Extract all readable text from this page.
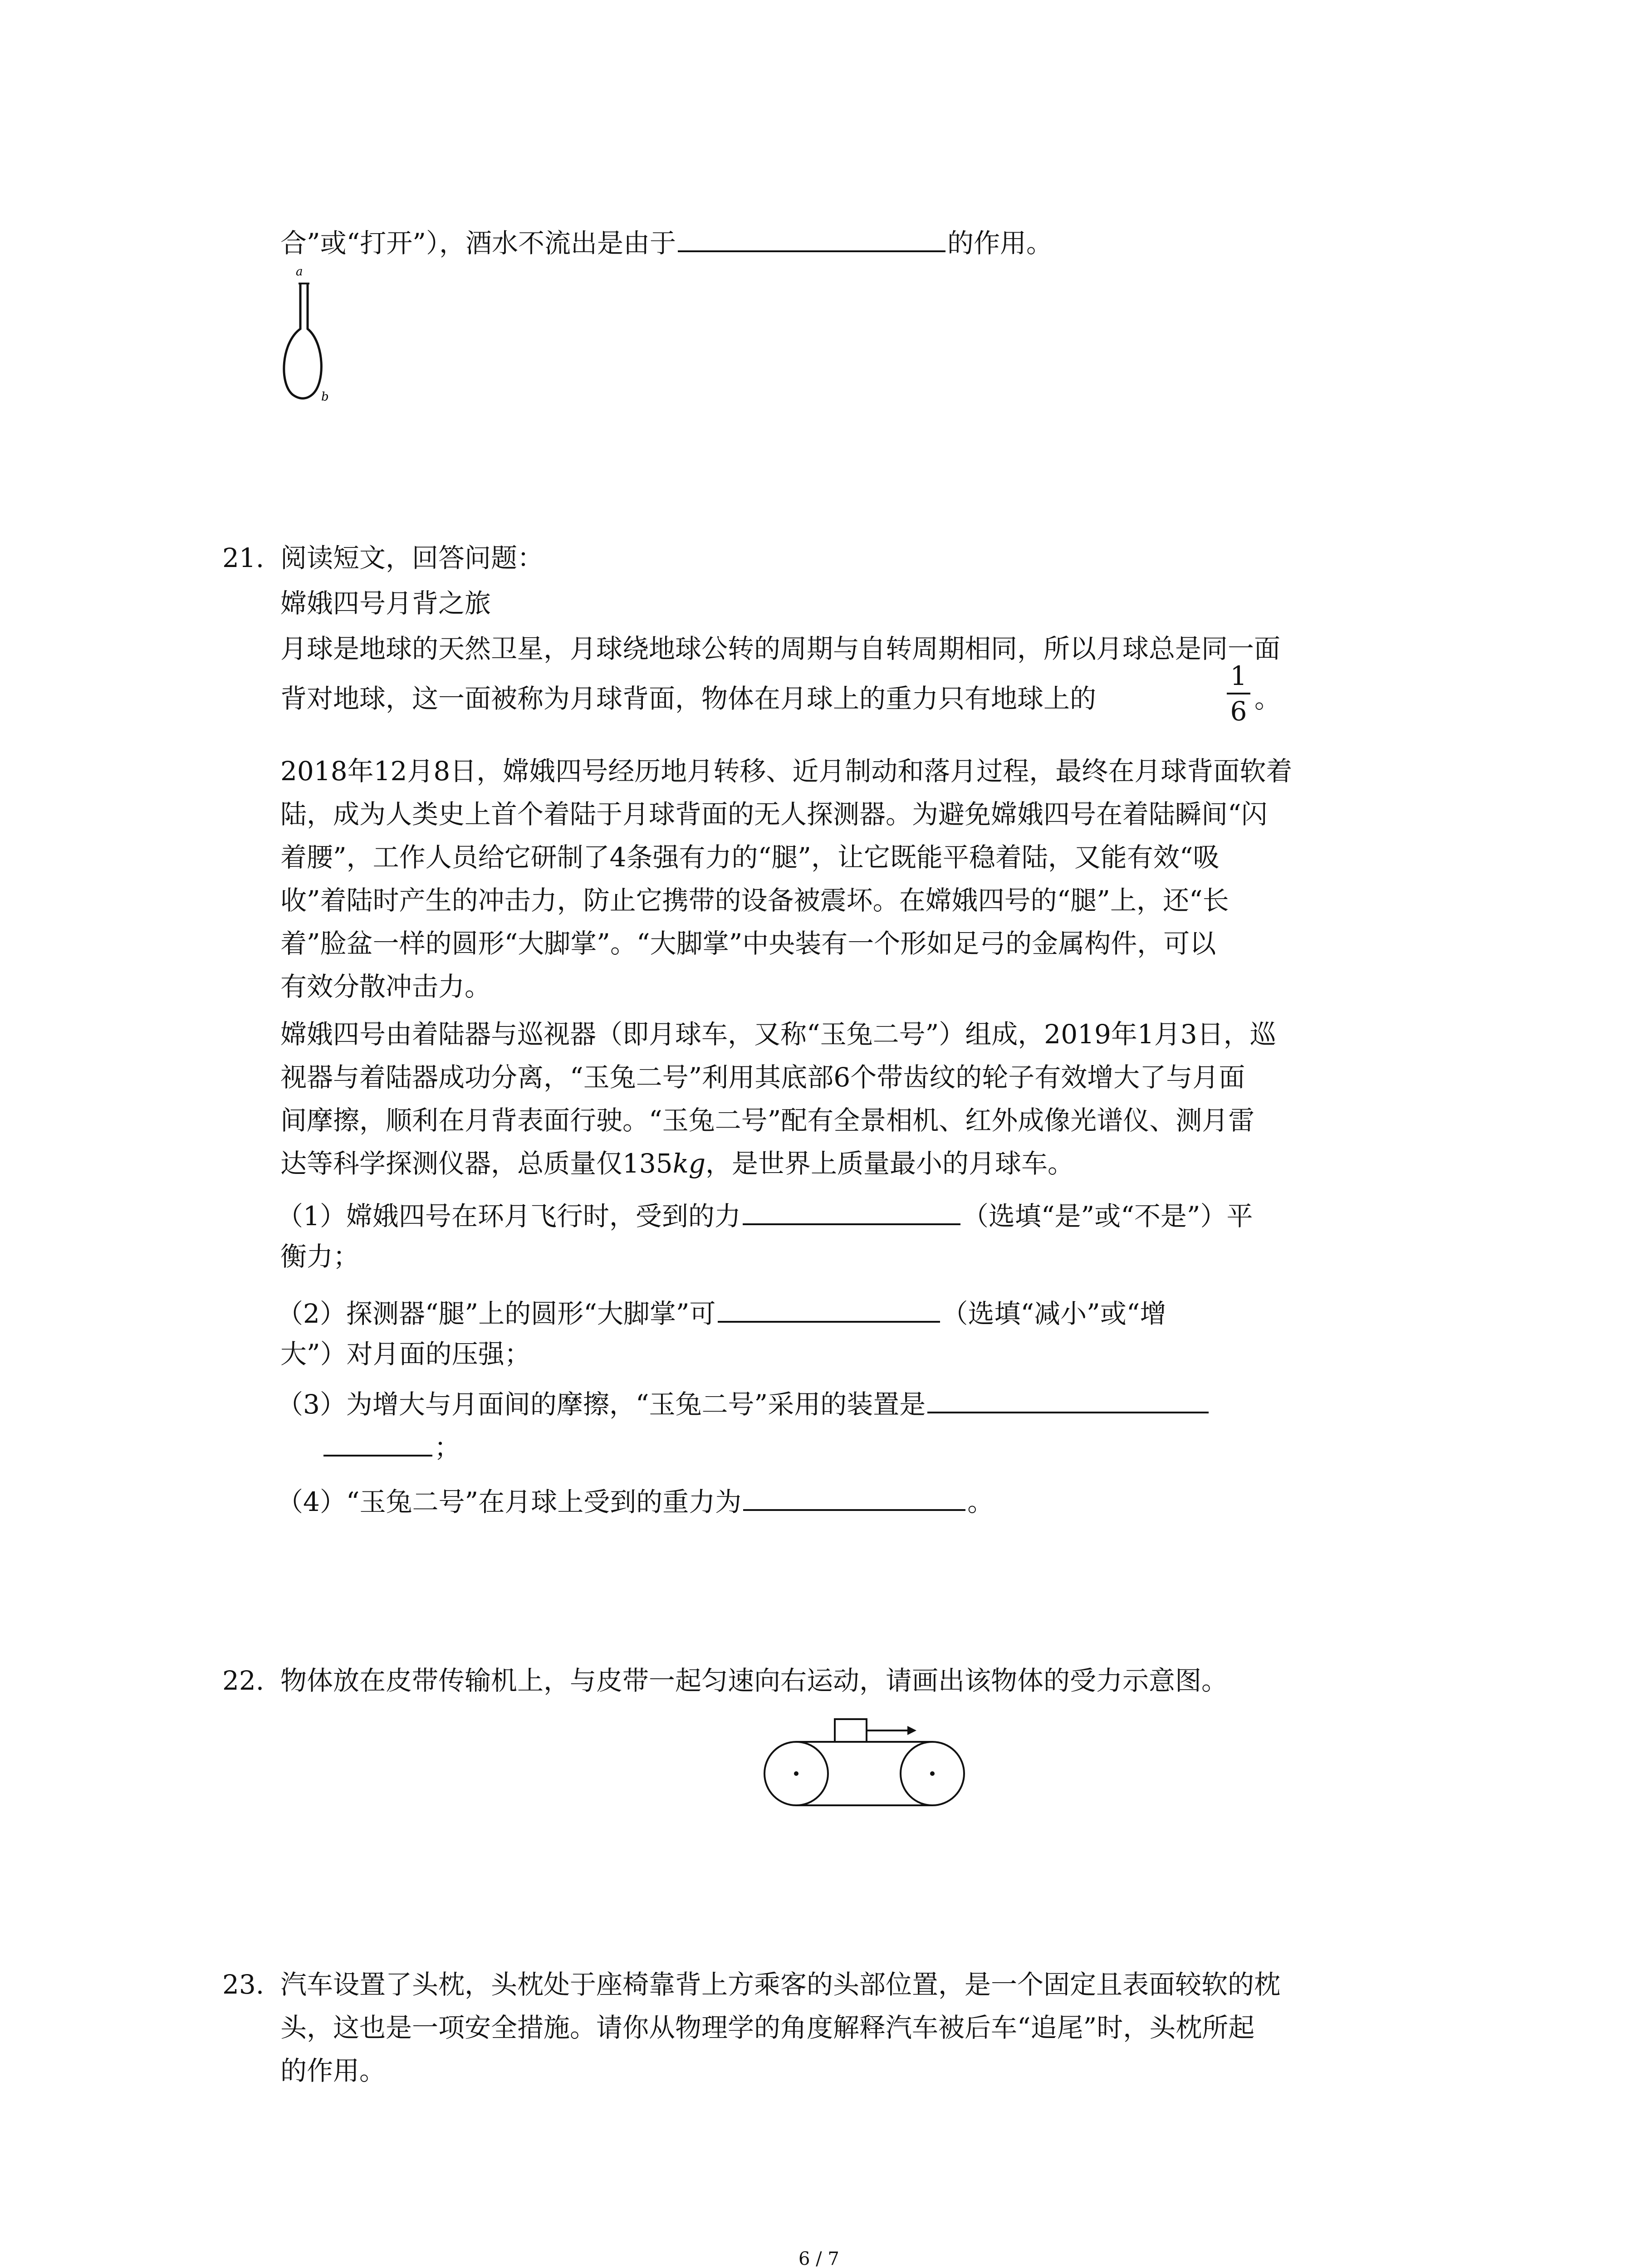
合”或“打开”），酒水不流出是由于	的作用。
a
b
21. 阅读短文，回答问题：
嫦娥四号月背之旅
月球是地球的天然卫星，月球绕地球公转的周期与自转周期相同，所以月球总是同一面
背对地球，这一面被称为月球背面，物体在月球上的重力只有地球上的
1
6 。
2018年12月8日，嫦娥四号经历地月转移、近月制动和落月过程，最终在月球背面软着
陆，成为人类史上首个着陆于月球背面的无人探测器。为避免嫦娥四号在着陆瞬间“闪
着腰”，工作人员给它研制了4条强有力的“腿”，让它既能平稳着陆，又能有效“吸
收”着陆时产生的冲击力，防止它携带的设备被震坏。在嫦娥四号的“腿”上，还“长
着”脸盆一样的圆形“大脚掌”。“大脚掌”中央装有一个形如足弓的金属构件，可以
有效分散冲击力。
嫦娥四号由着陆器与巡视器（即月球车，又称“玉兔二号”）组成，2019年1月3日，巡
视器与着陆器成功分离，“玉兔二号”利用其底部6个带齿纹的轮子有效增大了与月面
间摩擦，顺利在月背表面行驶。“玉兔二号”配有全景相机、红外成像光谱仪、测月雷
达等科学探测仪器，总质量仅135kg，是世界上质量最小的月球车。
（1）嫦娥四号在环月飞行时，受到的力	（选填“是”或“不是”）平
衡力；
（2）探测器“腿”上的圆形“大脚掌”可	（选填“减小”或“增
大”）对月面的压强；
（3）为增大与月面间的摩擦，“玉兔二号”采用的装置是
；
（4）“玉兔二号”在月球上受到的重力为	。
22. 物体放在皮带传输机上，与皮带一起匀速向右运动，请画出该物体的受力示意图。
23. 汽车设置了头枕，头枕处于座椅靠背上方乘客的头部位置，是一个固定且表面较软的枕
头，这也是一项安全措施。请你从物理学的角度解释汽车被后车“追尾”时，头枕所起
的作用。
6 / 7
